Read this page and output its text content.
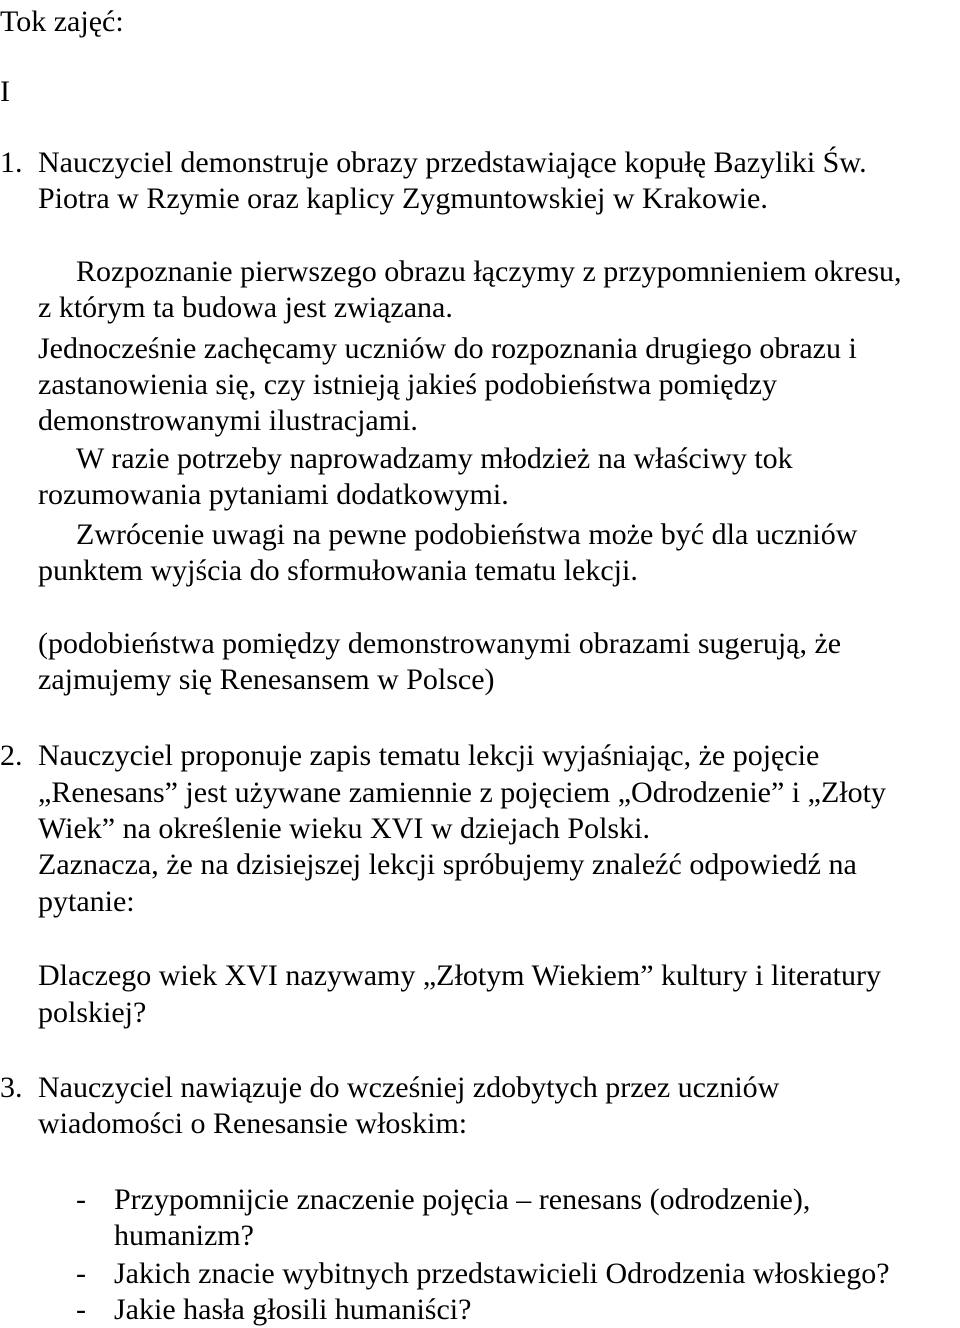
Tok zajęć:
I
1. Nauczyciel demonstruje obrazy przedstawiające kopułę Bazyliki Św.
Piotra w Rzymie oraz kaplicy Zygmuntowskiej w Krakowie.
Rozpoznanie pierwszego obrazu łączymy z przypomnieniem okresu,
z którym ta budowa jest związana.
Jednocześnie zachęcamy uczniów do rozpoznania drugiego obrazu i
zastanowienia się, czy istnieją jakieś podobieństwa pomiędzy
demonstrowanymi ilustracjami.
W razie potrzeby naprowadzamy młodzież na właściwy tok
rozumowania pytaniami dodatkowymi.
Zwrócenie uwagi na pewne podobieństwa może być dla uczniów
punktem wyjścia do sformułowania tematu lekcji.
(podobieństwa pomiędzy demonstrowanymi obrazami sugerują, że
zajmujemy się Renesansem w Polsce)
2. Nauczyciel proponuje zapis tematu lekcji wyjaśniając, że pojęcie
„Renesans” jest używane zamiennie z pojęciem „Odrodzenie” i „Złoty
Wiek” na określenie wieku XVI w dziejach Polski.
Zaznacza, że na dzisiejszej lekcji spróbujemy znaleźć odpowiedź na
pytanie:
Dlaczego wiek XVI nazywamy „Złotym Wiekiem” kultury i literatury
polskiej?
3. Nauczyciel nawiązuje do wcześniej zdobytych przez uczniów
wiadomości o Renesansie włoskim:
- Przypomnijcie znaczenie pojęcia – renesans (odrodzenie),
humanizm?
- Jakich znacie wybitnych przedstawicieli Odrodzenia włoskiego?
- Jakie hasła głosili humaniści?
